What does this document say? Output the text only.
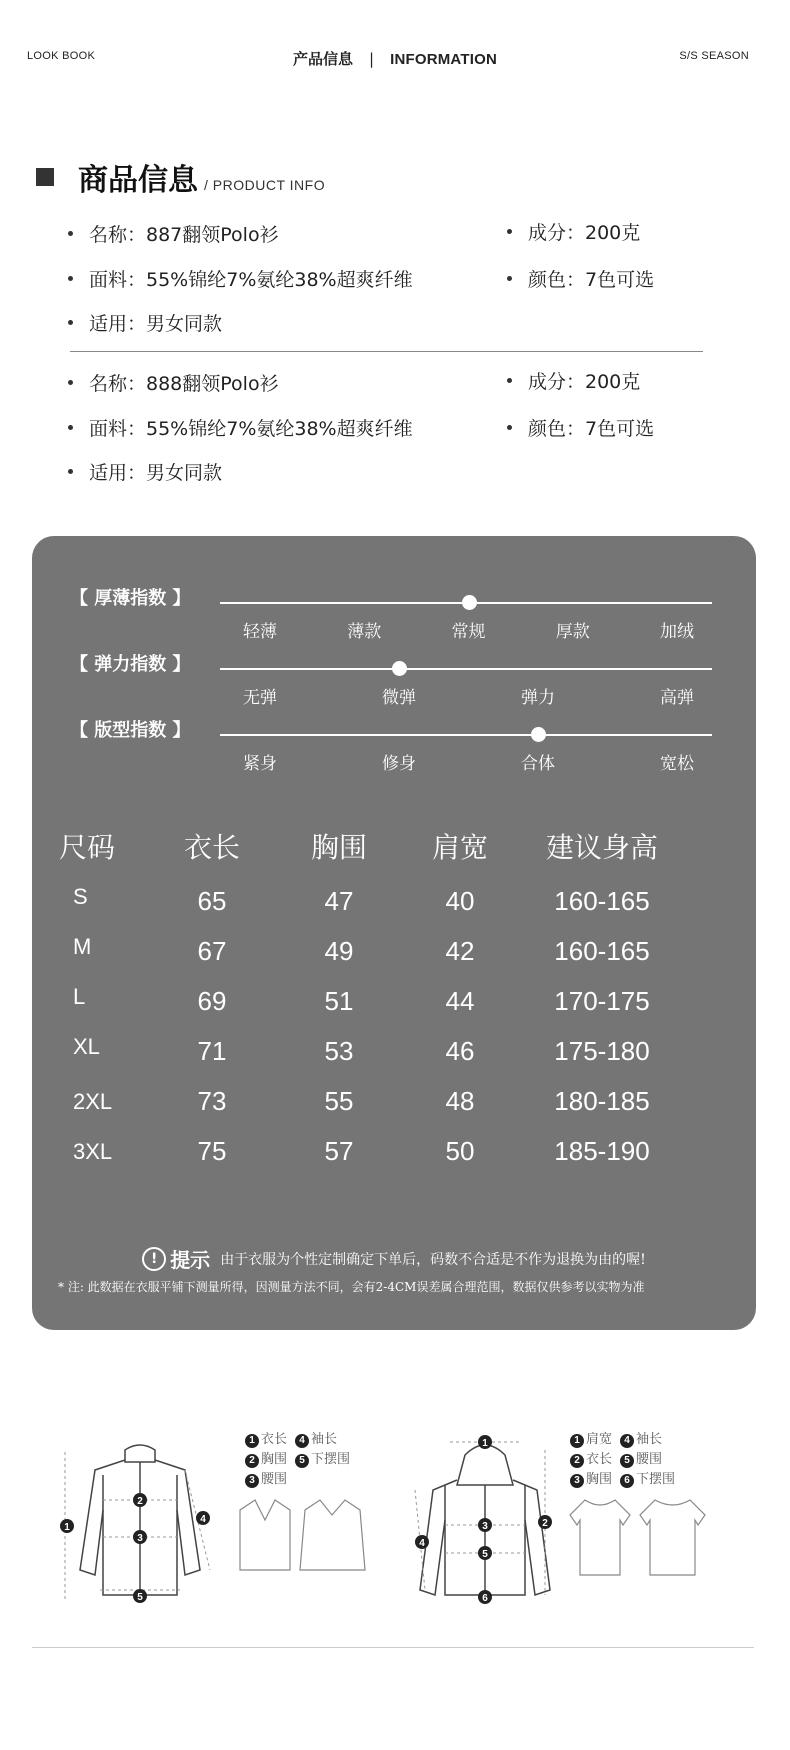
LOOK BOOK	产品信息 | INFORMATION	S/S SEASON
商品信息 / PRODUCT INFO
名称：887翻领Polo衫	成分：200克
面料：55%锦纶7%氨纶38%超爽纤维	颜色：7色可选
适用：男女同款
名称：888翻领Polo衫	成分：200克
面料：55%锦纶7%氨纶38%超爽纤维	颜色：7色可选
适用：男女同款
! 提示 由于衣服为个性定制确定下单后，码数不合适是不作为退换为由的喔!
* 注: 此数据在衣服平铺下测量所得，因测量方法不同，会有2-4CM误差属合理范围，数据仅供参考以实物为准
【 厚薄指数 】
轻薄	薄款	常规	厚款	加绒
【 弹力指数 】
无弹	微弹	弹力	高弹
【 版型指数 】
紧身	修身	合体	宽松
尺码 衣长	胸围 肩宽 建议身高
S	65	47	40	160-165
M	67	49	42	160-165
L	69	51	44	170-175
XL	71	53	46	175-180
2XL	73	55	48	180-185
3XL	75	57	50	185-190
1
2
3
4
5
1 衣长 4 袖长
2 胸围 5 下摆围
3 腰围
1
2
3
4
5
6
1 肩宽 4 袖长
2 衣长 5 腰围
3 胸围 6 下摆围
